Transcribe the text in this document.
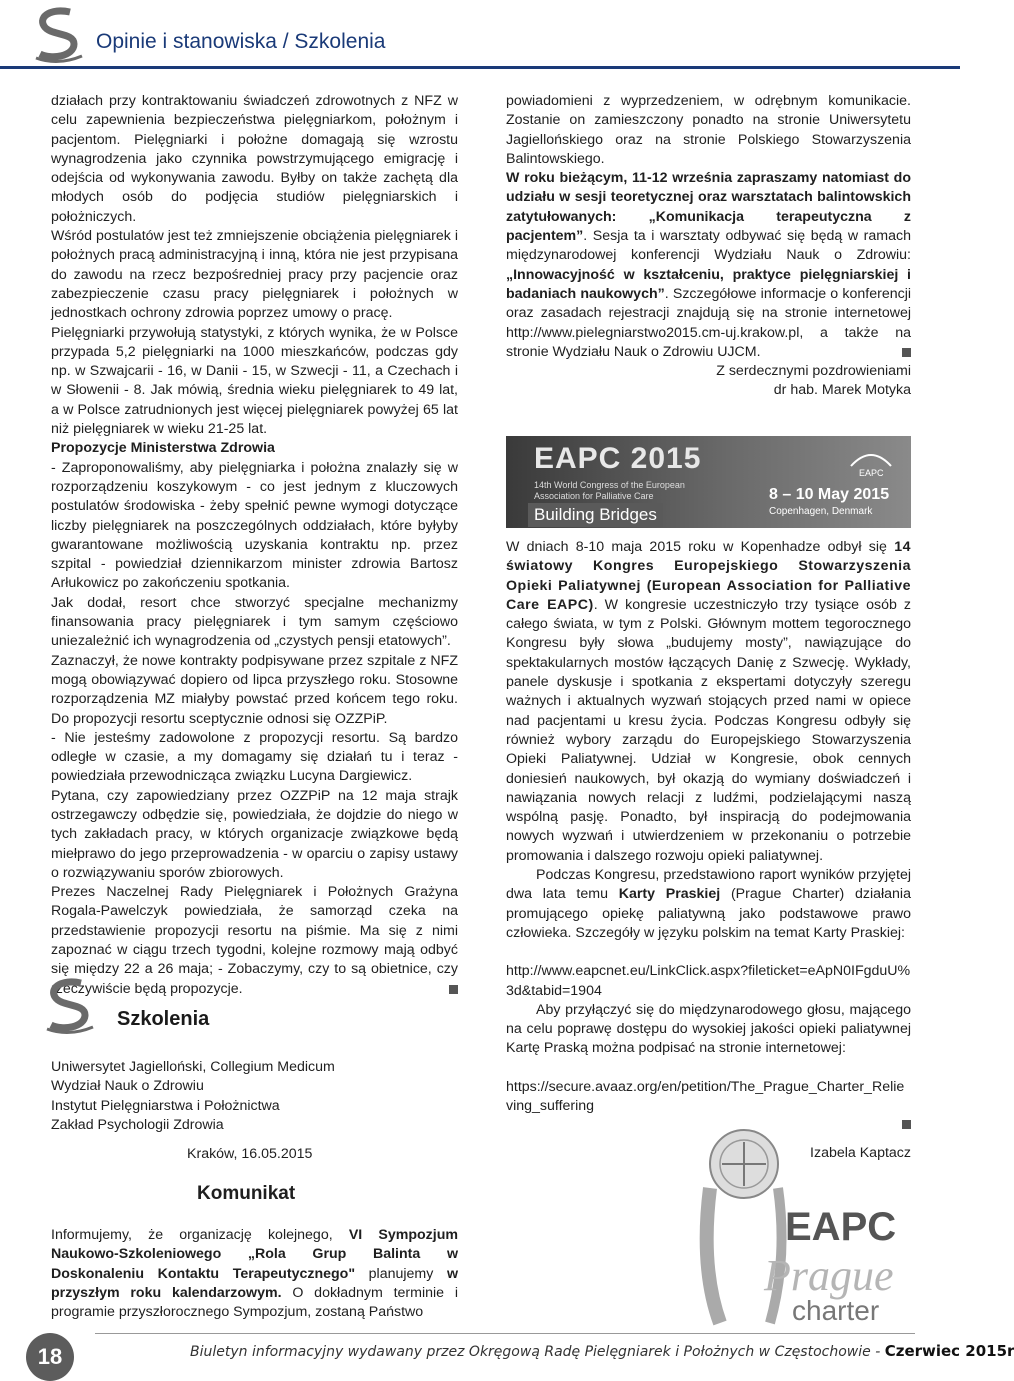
Opinie i stanowiska / Szkolenia

działach przy kontraktowaniu świadczeń zdrowotnych z NFZ w celu zapewnienia bezpieczeństwa pielęgniarkom, położnym i pacjentom. Pielęgniarki i położne domagają się wzrostu wynagrodzenia jako czynnika powstrzymującego emigrację i odejścia od wykonywania zawodu. Byłby on także zachętą dla młodych osób do podjęcia studiów pielęgniarskich i położniczych.

Wśród postulatów jest też zmniejszenie obciążenia pielęgniarek i położnych pracą administracyjną i inną, która nie jest przypisana do zawodu na rzecz bezpośredniej pracy przy pacjencie oraz zabezpieczenie czasu pracy pielęgniarek i położnych w jednostkach ochrony zdrowia poprzez umowy o pracę.

Pielęgniarki przywołują statystyki, z których wynika, że w Polsce przypada 5,2 pielęgniarki na 1000 mieszkańców, podczas gdy np. w Szwajcarii - 16, w Danii - 15, w Szwecji - 11, a Czechach i w Słowenii - 8. Jak mówią, średnia wieku pielęgniarek to 49 lat, a w Polsce zatrudnionych jest więcej pielęgniarek powyżej 65 lat niż pielęgniarek w wieku 21-25 lat.

Propozycje Ministerstwa Zdrowia

- Zaproponowaliśmy, aby pielęgniarka i położna znalazły się w rozporządzeniu koszykowym - co jest jednym z kluczowych postulatów środowiska - żeby spełnić pewne wymogi dotyczące liczby pielęgniarek na poszczególnych oddziałach, które byłyby gwarantowane możliwością uzyskania kontraktu np. przez szpital - powiedział dziennikarzom minister zdrowia Bartosz Arłukowicz po zakończeniu spotkania.

Jak dodał, resort chce stworzyć specjalne mechanizmy finansowania pracy pielęgniarek i tym samym częściowo uniezależnić ich wynagrodzenia od „czystych pensji etatowych”.

Zaznaczył, że nowe kontrakty podpisywane przez szpitale z NFZ mogą obowiązywać dopiero od lipca przyszłego roku. Stosowne rozporządzenia MZ miałyby powstać przed końcem tego roku. Do propozycji resortu sceptycznie odnosi się OZZPiP.

- Nie jesteśmy zadowolone z propozycji resortu. Są bardzo odległe w czasie, a my domagamy się działań tu i teraz - powiedziała przewodnicząca związku Lucyna Dargiewicz.

Pytana, czy zapowiedziany przez OZZPiP na 12 maja strajk ostrzegawczy odbędzie się, powiedziała, że dojdzie do niego w tych zakładach pracy, w których organizacje związkowe będą miełprawo do jego przeprowadzenia - w oparciu o zapisy ustawy o rozwiązywaniu sporów zbiorowych.

Prezes Naczelnej Rady Pielęgniarek i Położnych Grażyna Rogala-Pawelczyk powiedziała, że samorząd czeka na przedstawienie propozycji resortu na piśmie. Ma się z nimi zapoznać w ciągu trzech tygodni, kolejne rozmowy mają odbyć się między 22 a 26 maja; - Zobaczymy, czy to są obietnice, czy rzeczywiście będą propozycje.

Szkolenia
Uniwersytet Jagielloński, Collegium Medicum
Wydział Nauk o Zdrowiu
Instytut Pielęgniarstwa i Położnictwa
Zakład Psychologii Zdrowia
Kraków, 16.05.2015
Komunikat
Informujemy, że organizację kolejnego, VI Sympozjum Naukowo-Szkoleniowego „Rola Grup Balinta w Doskonaleniu Kontaktu Terapeutycznego" planujemy w przyszłym roku kalendarzowym. O dokładnym terminie i programie przyszłorocznego Sympozjum, zostaną Państwo

powiadomieni z wyprzedzeniem, w odrębnym komunikacie. Zostanie on zamieszczony ponadto na stronie Uniwersytetu Jagiellońskiego oraz na stronie Polskiego Stowarzyszenia Balintowskiego.

W roku bieżącym, 11-12 września zapraszamy natomiast do udziału w sesji teoretycznej oraz warsztatach balintowskich zatytułowanych: „Komunikacja terapeutyczna z pacjentem”. Sesja ta i warsztaty odbywać się będą w ramach międzynarodowej konferencji Wydziału Nauk o Zdrowiu: „Innowacyjność w kształceniu, praktyce pielęgniarskiej i badaniach naukowych”. Szczegółowe informacje o konferencji oraz zasadach rejestracji znajdują się na stronie internetowej http://www.pielegniarstwo2015.cm-uj.krakow.pl, a także na stronie Wydziału Nauk o Zdrowiu UJCM.

Z serdecznymi pozdrowieniami

dr hab. Marek Motyka

EAPC 2015
14th World Congress of the European
Association for Palliative Care
Building Bridges
8 – 10 May 2015
Copenhagen, Denmark
EAPC

W dniach 8-10 maja 2015 roku w Kopenhadze odbył się 14 światowy Kongres Europejskiego Stowarzyszenia Opieki Paliatywnej (European Association for Palliative Care EAPC). W kongresie uczestniczyło trzy tysiące osób z całego świata, w tym z Polski. Głównym mottem tegorocznego Kongresu były słowa „budujemy mosty”, nawiązujące do spektakularnych mostów łączących Danię z Szwecję. Wykłady, panele dyskusje i spotkania z ekspertami dotyczyły szeregu ważnych i aktualnych wyzwań stojących przed nami w opiece nad pacjentami u kresu życia. Podczas Kongresu odbyły się również wybory zarządu do Europejskiego Stowarzyszenia Opieki Paliatywnej. Udział w Kongresie, obok cennych doniesień naukowych, był okazją do wymiany doświadczeń i nawiązania nowych relacji z ludźmi, podzielającymi naszą wspólną pasję. Ponadto, był inspiracją do podejmowania nowych wyzwań i utwierdzeniem w przekonaniu o potrzebie promowania i dalszego rozwoju opieki paliatywnej.

Podczas Kongresu, przedstawiono raport wyników przyjętej dwa lata temu Karty Praskiej (Prague Charter) działania promującego opiekę paliatywną jako podstawowe prawo człowieka. Szczegóły w języku polskim na temat Karty Praskiej:

http://www.eapcnet.eu/LinkClick.aspx?fileticket=eApN0IFgduU%3d&tabid=1904

Aby przyłączyć się do międzynarodowego głosu, mającego na celu poprawę dostępu do wysokiej jakości opieki paliatywnej Kartę Praską można podpisać na stronie internetowej:

https://secure.avaaz.org/en/petition/The_Prague_Charter_Relieving_suffering

Izabela Kaptacz

EAPC
Prague
charter
18	Biuletyn informacyjny wydawany przez Okręgową Radę Pielęgniarek i Położnych w Częstochowie - Czerwiec 2015r
